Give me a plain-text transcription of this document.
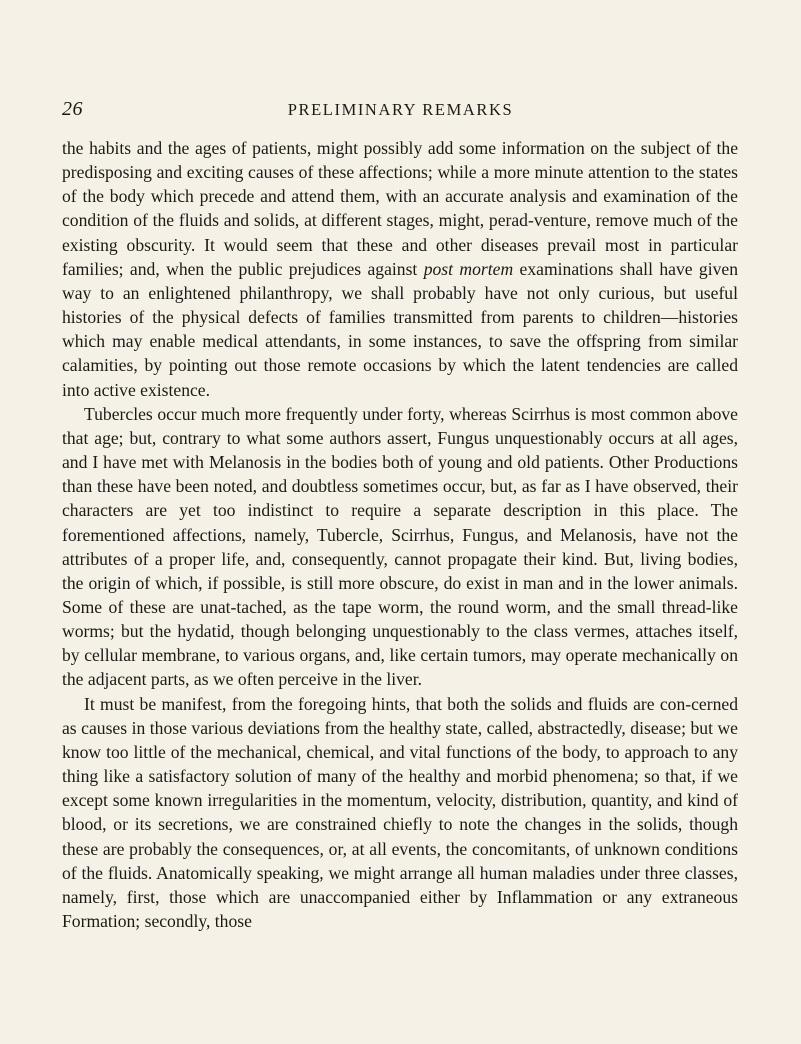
26	PRELIMINARY REMARKS

the habits and the ages of patients, might possibly add some information on the subject of the predisposing and exciting causes of these affections; while a more minute attention to the states of the body which precede and attend them, with an accurate analysis and examination of the condition of the fluids and solids, at different stages, might, perad-venture, remove much of the existing obscurity. It would seem that these and other diseases prevail most in particular families; and, when the public prejudices against post mortem examinations shall have given way to an enlightened philanthropy, we shall probably have not only curious, but useful histories of the physical defects of families transmitted from parents to children—histories which may enable medical attendants, in some instances, to save the offspring from similar calamities, by pointing out those remote occasions by which the latent tendencies are called into active existence.

Tubercles occur much more frequently under forty, whereas Scirrhus is most common above that age; but, contrary to what some authors assert, Fungus unquestionably occurs at all ages, and I have met with Melanosis in the bodies both of young and old patients. Other Productions than these have been noted, and doubtless sometimes occur, but, as far as I have observed, their characters are yet too indistinct to require a separate description in this place. The forementioned affections, namely, Tubercle, Scirrhus, Fungus, and Melanosis, have not the attributes of a proper life, and, consequently, cannot propagate their kind. But, living bodies, the origin of which, if possible, is still more obscure, do exist in man and in the lower animals. Some of these are unat-tached, as the tape worm, the round worm, and the small thread-like worms; but the hydatid, though belonging unquestionably to the class vermes, attaches itself, by cellular membrane, to various organs, and, like certain tumors, may operate mechanically on the adjacent parts, as we often perceive in the liver.

It must be manifest, from the foregoing hints, that both the solids and fluids are con-cerned as causes in those various deviations from the healthy state, called, abstractedly, disease; but we know too little of the mechanical, chemical, and vital functions of the body, to approach to any thing like a satisfactory solution of many of the healthy and morbid phenomena; so that, if we except some known irregularities in the momentum, velocity, distribution, quantity, and kind of blood, or its secretions, we are constrained chiefly to note the changes in the solids, though these are probably the consequences, or, at all events, the concomitants, of unknown conditions of the fluids. Anatomically speaking, we might arrange all human maladies under three classes, namely, first, those which are unaccompanied either by Inflammation or any extraneous Formation; secondly, those
